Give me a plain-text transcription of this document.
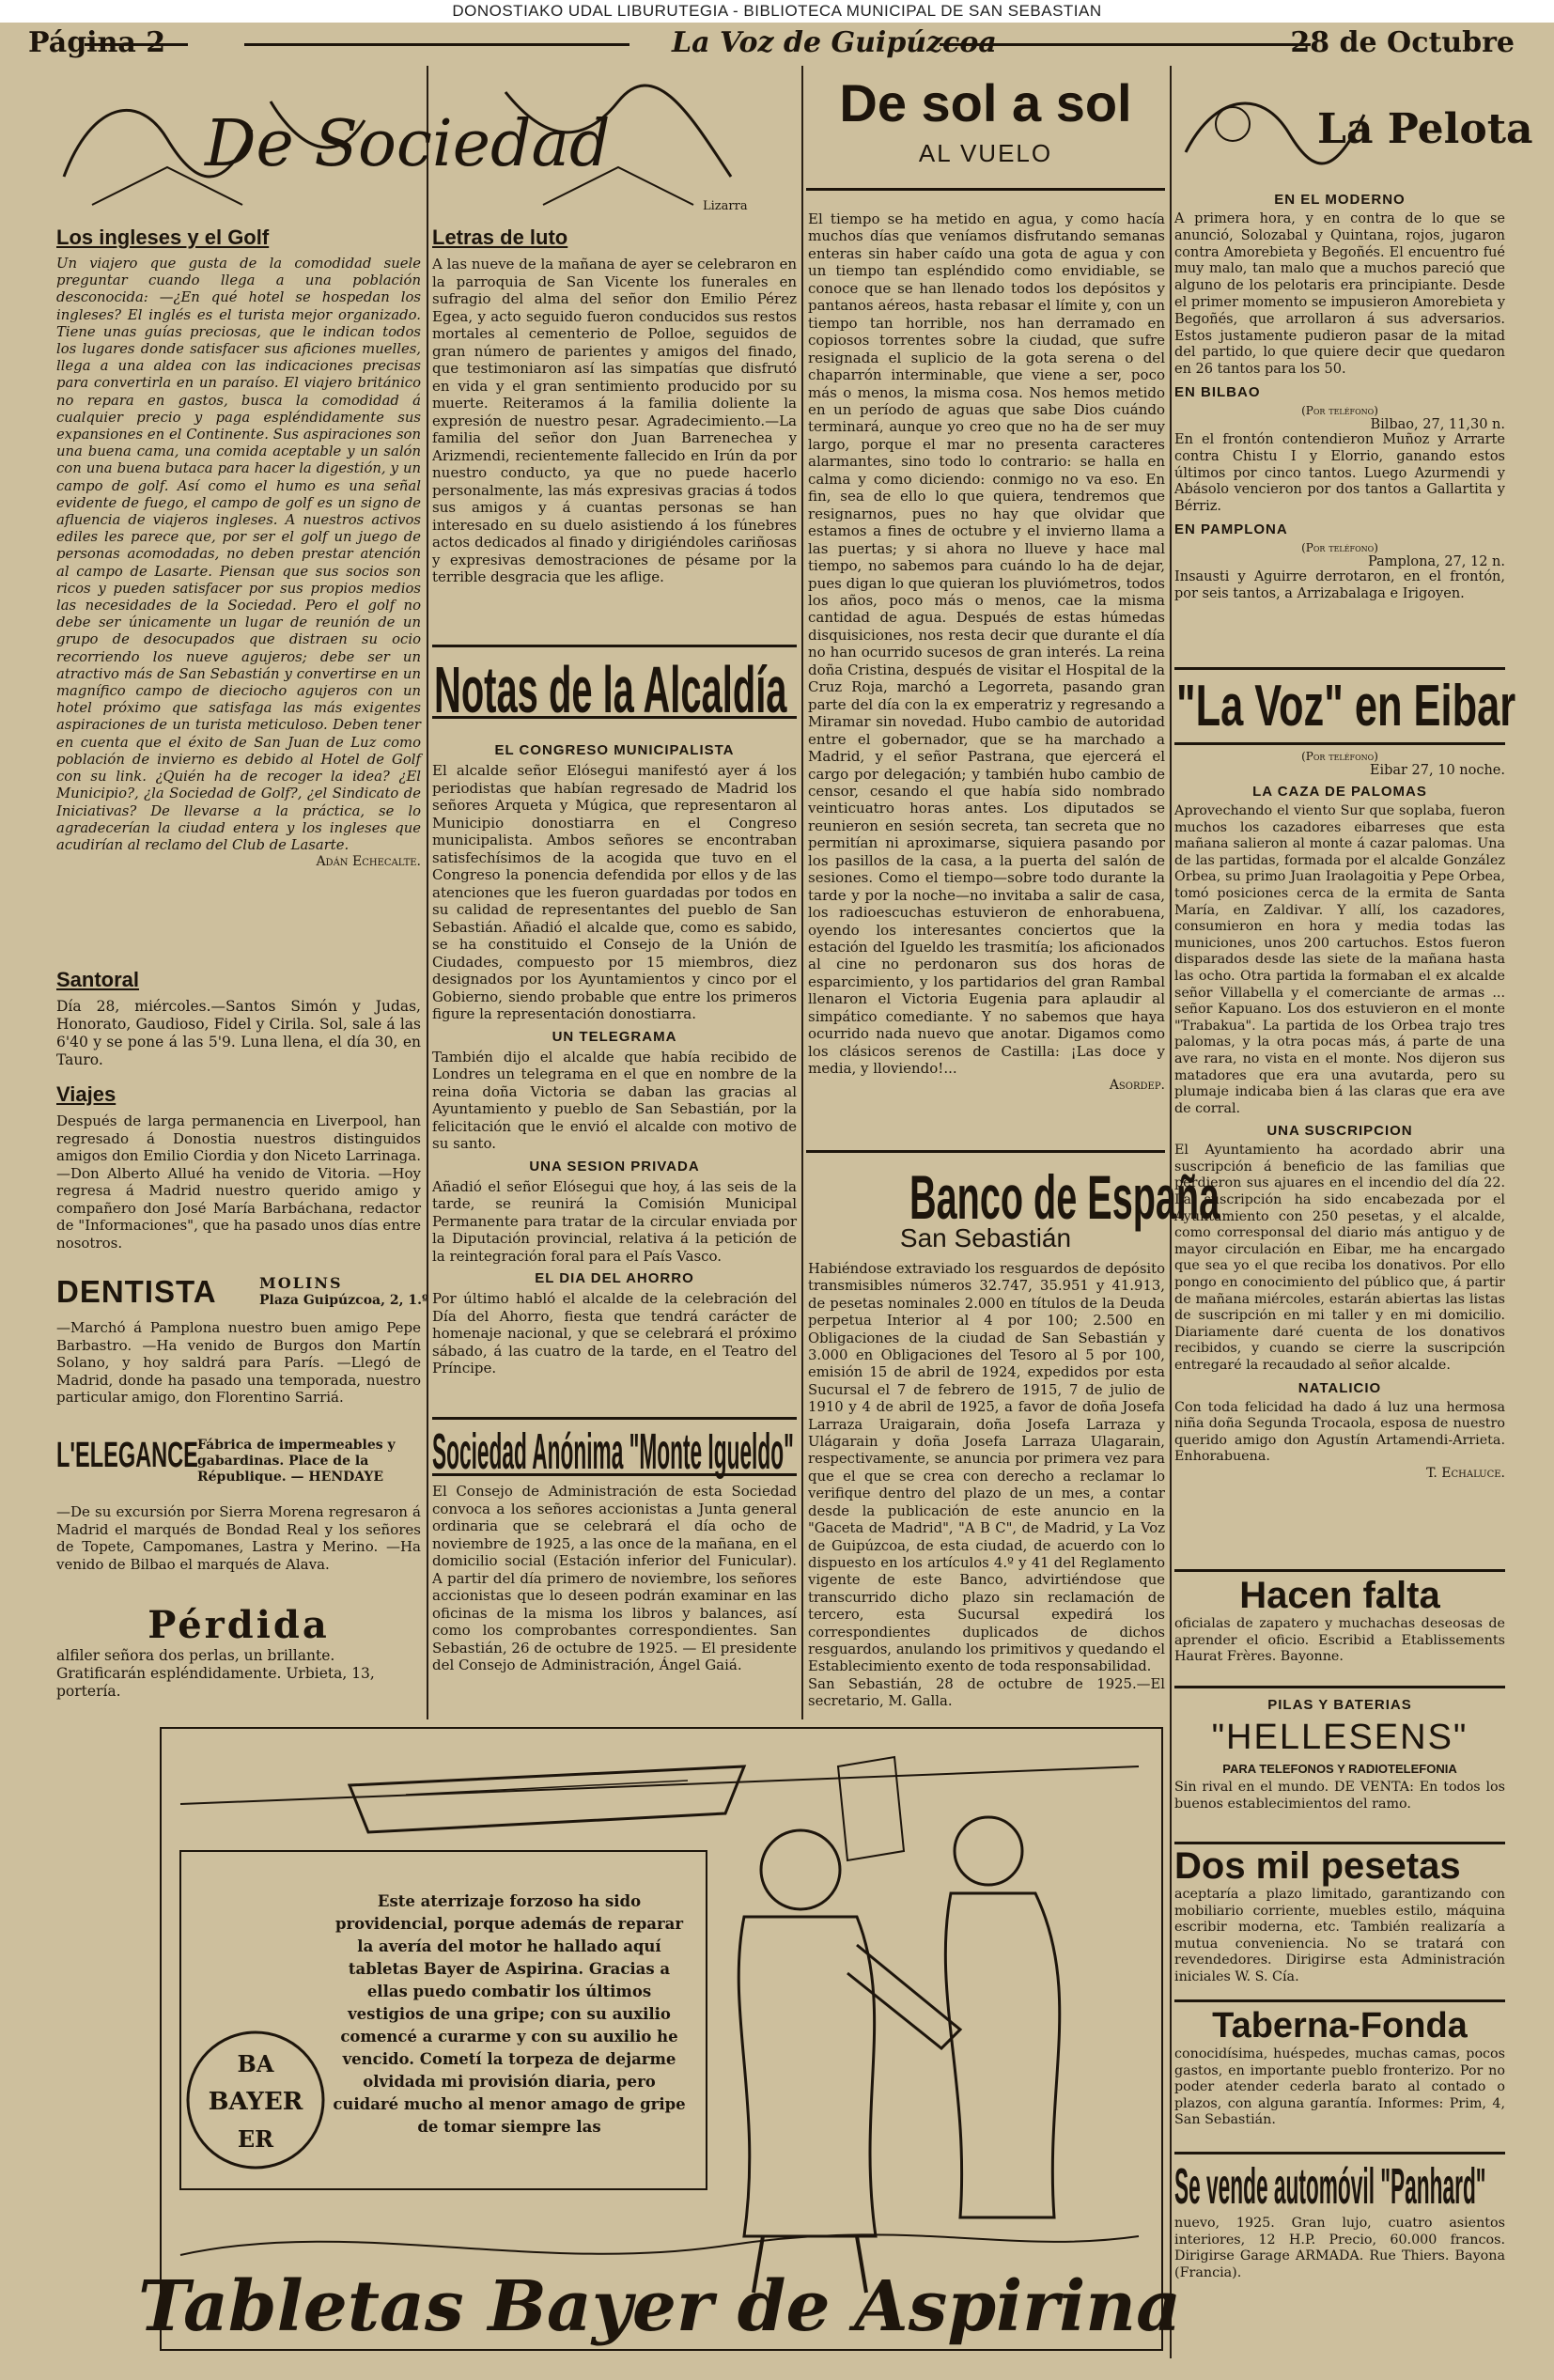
DONOSTIAKO UDAL LIBURUTEGIA - BIBLIOTECA MUNICIPAL DE SAN SEBASTIAN
Página 2	La Voz de Guipúzcoa	28 de Octubre
De Sociedad
Lizarra
Los ingleses y el Golf
Un viajero que gusta de la comodidad suele preguntar cuando llega a una población desconocida: —¿En qué hotel se hospedan los ingleses? El inglés es el turista mejor organizado. Tiene unas guías preciosas, que le indican todos los lugares donde satisfacer sus aficiones muelles, llega a una aldea con las indicaciones precisas para convertirla en un paraíso. El viajero británico no repara en gastos, busca la comodidad á cualquier precio y paga espléndidamente sus expansiones en el Continente. Sus aspiraciones son una buena cama, una comida aceptable y un salón con una buena butaca para hacer la digestión, y un campo de golf. Así como el humo es una señal evidente de fuego, el campo de golf es un signo de afluencia de viajeros ingleses. A nuestros activos ediles les parece que, por ser el golf un juego de personas acomodadas, no deben prestar atención al campo de Lasarte. Piensan que sus socios son ricos y pueden satisfacer por sus propios medios las necesidades de la Sociedad. Pero el golf no debe ser únicamente un lugar de reunión de un grupo de desocupados que distraen su ocio recorriendo los nueve agujeros; debe ser un atractivo más de San Sebastián y convertirse en un magnífico campo de dieciocho agujeros con un hotel próximo que satisfaga las más exigentes aspiraciones de un turista meticuloso. Deben tener en cuenta que el éxito de San Juan de Luz como población de invierno es debido al Hotel de Golf con su link. ¿Quién ha de recoger la idea? ¿El Municipio?, ¿la Sociedad de Golf?, ¿el Sindicato de Iniciativas? De llevarse a la práctica, se lo agradecerían la ciudad entera y los ingleses que acudirían al reclamo del Club de Lasarte.
Adán Echecalte.
Santoral
Día 28, miércoles.—Santos Simón y Judas, Honorato, Gaudioso, Fidel y Cirila. Sol, sale á las 6'40 y se pone á las 5'9. Luna llena, el día 30, en Tauro.
Viajes
Después de larga permanencia en Liverpool, han regresado á Donostia nuestros distinguidos amigos don Emilio Ciordia y don Niceto Larrinaga. —Don Alberto Allué ha venido de Vitoria. —Hoy regresa á Madrid nuestro querido amigo y compañero don José María Barbáchana, redactor de "Informaciones", que ha pasado unos días entre nosotros.
DENTISTA	MOLINS
Plaza Guipúzcoa, 2, 1.º
—Marchó á Pamplona nuestro buen amigo Pepe Barbastro. —Ha venido de Burgos don Martín Solano, y hoy saldrá para París. —Llegó de Madrid, donde ha pasado una temporada, nuestro particular amigo, don Florentino Sarriá.
L'ELEGANCE Fábrica de impermeables y gabardinas. Place de la République. — HENDAYE
—De su excursión por Sierra Morena regresaron á Madrid el marqués de Bondad Real y los señores de Topete, Campomanes, Lastra y Merino. —Ha venido de Bilbao el marqués de Alava.
Pérdida
alfiler señora dos perlas, un brillante. Gratificarán espléndidamente. Urbieta, 13, portería.
Letras de luto
A las nueve de la mañana de ayer se celebraron en la parroquia de San Vicente los funerales en sufragio del alma del señor don Emilio Pérez Egea, y acto seguido fueron conducidos sus restos mortales al cementerio de Polloe, seguidos de gran número de parientes y amigos del finado, que testimoniaron así las simpatías que disfrutó en vida y el gran sentimiento producido por su muerte. Reiteramos á la familia doliente la expresión de nuestro pesar. Agradecimiento.—La familia del señor don Juan Barrenechea y Arizmendi, recientemente fallecido en Irún da por nuestro conducto, ya que no puede hacerlo personalmente, las más expresivas gracias á todos sus amigos y á cuantas personas se han interesado en su duelo asistiendo á los fúnebres actos dedicados al finado y dirigiéndoles cariñosas y expresivas demostraciones de pésame por la terrible desgracia que les aflige.
Notas de la Alcaldía
EL CONGRESO MUNICIPALISTA
El alcalde señor Elósegui manifestó ayer á los periodistas que habían regresado de Madrid los señores Arqueta y Múgica, que representaron al Municipio donostiarra en el Congreso municipalista. Ambos señores se encontraban satisfechísimos de la acogida que tuvo en el Congreso la ponencia defendida por ellos y de las atenciones que les fueron guardadas por todos en su calidad de representantes del pueblo de San Sebastián. Añadió el alcalde que, como es sabido, se ha constituido el Consejo de la Unión de Ciudades, compuesto por 15 miembros, diez designados por los Ayuntamientos y cinco por el Gobierno, siendo probable que entre los primeros figure la representación donostiarra.
UN TELEGRAMA
También dijo el alcalde que había recibido de Londres un telegrama en el que en nombre de la reina doña Victoria se daban las gracias al Ayuntamiento y pueblo de San Sebastián, por la felicitación que le envió el alcalde con motivo de su santo.
UNA SESION PRIVADA
Añadió el señor Elósegui que hoy, á las seis de la tarde, se reunirá la Comisión Municipal Permanente para tratar de la circular enviada por la Diputación provincial, relativa á la petición de la reintegración foral para el País Vasco.
EL DIA DEL AHORRO
Por último habló el alcalde de la celebración del Día del Ahorro, fiesta que tendrá carácter de homenaje nacional, y que se celebrará el próximo sábado, á las cuatro de la tarde, en el Teatro del Príncipe.
Sociedad Anónima "Monte Igueldo"
El Consejo de Administración de esta Sociedad convoca a los señores accionistas a Junta general ordinaria que se celebrará el día ocho de noviembre de 1925, a las once de la mañana, en el domicilio social (Estación inferior del Funicular). A partir del día primero de noviembre, los señores accionistas que lo deseen podrán examinar en las oficinas de la misma los libros y balances, así como los comprobantes correspondientes. San Sebastián, 26 de octubre de 1925. — El presidente del Consejo de Administración, Ángel Gaiá.
De sol a sol
AL VUELO
El tiempo se ha metido en agua, y como hacía muchos días que veníamos disfrutando semanas enteras sin haber caído una gota de agua y con un tiempo tan espléndido como envidiable, se conoce que se han llenado todos los depósitos y pantanos aéreos, hasta rebasar el límite y, con un tiempo tan horrible, nos han derramado en copiosos torrentes sobre la ciudad, que sufre resignada el suplicio de la gota serena o del chaparrón interminable, que viene a ser, poco más o menos, la misma cosa. Nos hemos metido en un período de aguas que sabe Dios cuándo terminará, aunque yo creo que no ha de ser muy largo, porque el mar no presenta caracteres alarmantes, sino todo lo contrario: se halla en calma y como diciendo: conmigo no va eso. En fin, sea de ello lo que quiera, tendremos que resignarnos, pues no hay que olvidar que estamos a fines de octubre y el invierno llama a las puertas; y si ahora no llueve y hace mal tiempo, no sabemos para cuándo lo ha de dejar, pues digan lo que quieran los pluviómetros, todos los años, poco más o menos, cae la misma cantidad de agua. Después de estas húmedas disquisiciones, nos resta decir que durante el día no han ocurrido sucesos de gran interés. La reina doña Cristina, después de visitar el Hospital de la Cruz Roja, marchó a Legorreta, pasando gran parte del día con la ex emperatriz y regresando a Miramar sin novedad. Hubo cambio de autoridad entre el gobernador, que se ha marchado a Madrid, y el señor Pastrana, que ejercerá el cargo por delegación; y también hubo cambio de censor, cesando el que había sido nombrado veinticuatro horas antes. Los diputados se reunieron en sesión secreta, tan secreta que no permitían ni aproximarse, siquiera pasando por los pasillos de la casa, a la puerta del salón de sesiones. Como el tiempo—sobre todo durante la tarde y por la noche—no invitaba a salir de casa, los radioescuchas estuvieron de enhorabuena, oyendo los interesantes conciertos que la estación del Igueldo les trasmitía; los aficionados al cine no perdonaron sus dos horas de esparcimiento, y los partidarios del gran Rambal llenaron el Victoria Eugenia para aplaudir al simpático comediante. Y no sabemos que haya ocurrido nada nuevo que anotar. Digamos como los clásicos serenos de Castilla: ¡Las doce y media, y lloviendo!...
Asordep.
Banco de España
San Sebastián
Habiéndose extraviado los resguardos de depósito transmisibles números 32.747, 35.951 y 41.913, de pesetas nominales 2.000 en títulos de la Deuda perpetua Interior al 4 por 100; 2.500 en Obligaciones de la ciudad de San Sebastián y 3.000 en Obligaciones del Tesoro al 5 por 100, emisión 15 de abril de 1924, expedidos por esta Sucursal el 7 de febrero de 1915, 7 de julio de 1910 y 4 de abril de 1925, a favor de doña Josefa Larraza Uraigarain, doña Josefa Larraza y Ulágarain y doña Josefa Larraza Ulagarain, respectivamente, se anuncia por primera vez para que el que se crea con derecho a reclamar lo verifique dentro del plazo de un mes, a contar desde la publicación de este anuncio en la "Gaceta de Madrid", "A B C", de Madrid, y La Voz de Guipúzcoa, de esta ciudad, de acuerdo con lo dispuesto en los artículos 4.º y 41 del Reglamento vigente de este Banco, advirtiéndose que transcurrido dicho plazo sin reclamación de tercero, esta Sucursal expedirá los correspondientes duplicados de dichos resguardos, anulando los primitivos y quedando el Establecimiento exento de toda responsabilidad.
San Sebastián, 28 de octubre de 1925.—El secretario, M. Galla.
La Pelota
EN EL MODERNO
A primera hora, y en contra de lo que se anunció, Solozabal y Quintana, rojos, jugaron contra Amorebieta y Begoñés. El encuentro fué muy malo, tan malo que a muchos pareció que alguno de los pelotaris era principiante. Desde el primer momento se impusieron Amorebieta y Begoñés, que arrollaron á sus adversarios. Estos justamente pudieron pasar de la mitad del partido, lo que quiere decir que quedaron en 26 tantos para los 50.
EN BILBAO
(Por teléfono)
Bilbao, 27, 11,30 n.
En el frontón contendieron Muñoz y Arrarte contra Chistu I y Elorrio, ganando estos últimos por cinco tantos. Luego Azurmendi y Abásolo vencieron por dos tantos a Gallartita y Bérriz.
EN PAMPLONA
(Por teléfono)
Pamplona, 27, 12 n.
Insausti y Aguirre derrotaron, en el frontón, por seis tantos, a Arrizabalaga e Irigoyen.
"La Voz" en Eibar
(Por teléfono)
Eibar 27, 10 noche.
LA CAZA DE PALOMAS
Aprovechando el viento Sur que soplaba, fueron muchos los cazadores eibarreses que esta mañana salieron al monte á cazar palomas. Una de las partidas, formada por el alcalde González Orbea, su primo Juan Iraolagoitia y Pepe Orbea, tomó posiciones cerca de la ermita de Santa María, en Zaldivar. Y allí, los cazadores, consumieron en hora y media todas las municiones, unos 200 cartuchos. Estos fueron disparados desde las siete de la mañana hasta las ocho. Otra partida la formaban el ex alcalde señor Villabella y el comerciante de armas ... señor Kapuano. Los dos estuvieron en el monte "Trabakua". La partida de los Orbea trajo tres palomas, y la otra pocas más, á parte de una ave rara, no vista en el monte. Nos dijeron sus matadores que era una avutarda, pero su plumaje indicaba bien á las claras que era ave de corral.
UNA SUSCRIPCION
El Ayuntamiento ha acordado abrir una suscripción á beneficio de las familias que perdieron sus ajuares en el incendio del día 22. La suscripción ha sido encabezada por el Ayuntamiento con 250 pesetas, y el alcalde, como corresponsal del diario más antiguo y de mayor circulación en Eibar, me ha encargado que sea yo el que reciba los donativos. Por ello pongo en conocimiento del público que, á partir de mañana miércoles, estarán abiertas las listas de suscripción en mi taller y en mi domicilio. Diariamente daré cuenta de los donativos recibidos, y cuando se cierre la suscripción entregaré la recaudado al señor alcalde.
NATALICIO
Con toda felicidad ha dado á luz una hermosa niña doña Segunda Trocaola, esposa de nuestro querido amigo don Agustín Artamendi-Arrieta. Enhorabuena.
T. Echaluce.
Hacen falta
oficialas de zapatero y muchachas deseosas de aprender el oficio. Escribid a Etablissements Haurat Frères. Bayonne.
PILAS Y BATERIAS
"HELLESENS"
PARA TELEFONOS Y RADIOTELEFONIA
Sin rival en el mundo. DE VENTA: En todos los buenos establecimientos del ramo.
Dos mil pesetas
aceptaría a plazo limitado, garantizando con mobiliario corriente, muebles estilo, máquina escribir moderna, etc. También realizaría a mutua conveniencia. No se tratará con revendedores. Dirigirse esta Administración iniciales W. S. Cía.
Taberna-Fonda
conocidísima, huéspedes, muchas camas, pocos gastos, en importante pueblo fronterizo. Por no poder atender cederla barato al contado o plazos, con alguna garantía. Informes: Prim, 4, San Sebastián.
Se vende automóvil "Panhard"
nuevo, 1925. Gran lujo, cuatro asientos interiores, 12 H.P. Precio, 60.000 francos. Dirigirse Garage ARMADA. Rue Thiers. Bayona (Francia).
BA
BAYER
ER
Tabletas Bayer de Aspirina
Este aterrizaje forzoso ha sido providencial, porque además de reparar la avería del motor he hallado aquí tabletas Bayer de Aspirina. Gracias a ellas puedo combatir los últimos vestigios de una gripe; con su auxilio comencé a curarme y con su auxilio he vencido. Cometí la torpeza de dejarme olvidada mi provisión diaria, pero cuidaré mucho al menor amago de gripe de tomar siempre las
